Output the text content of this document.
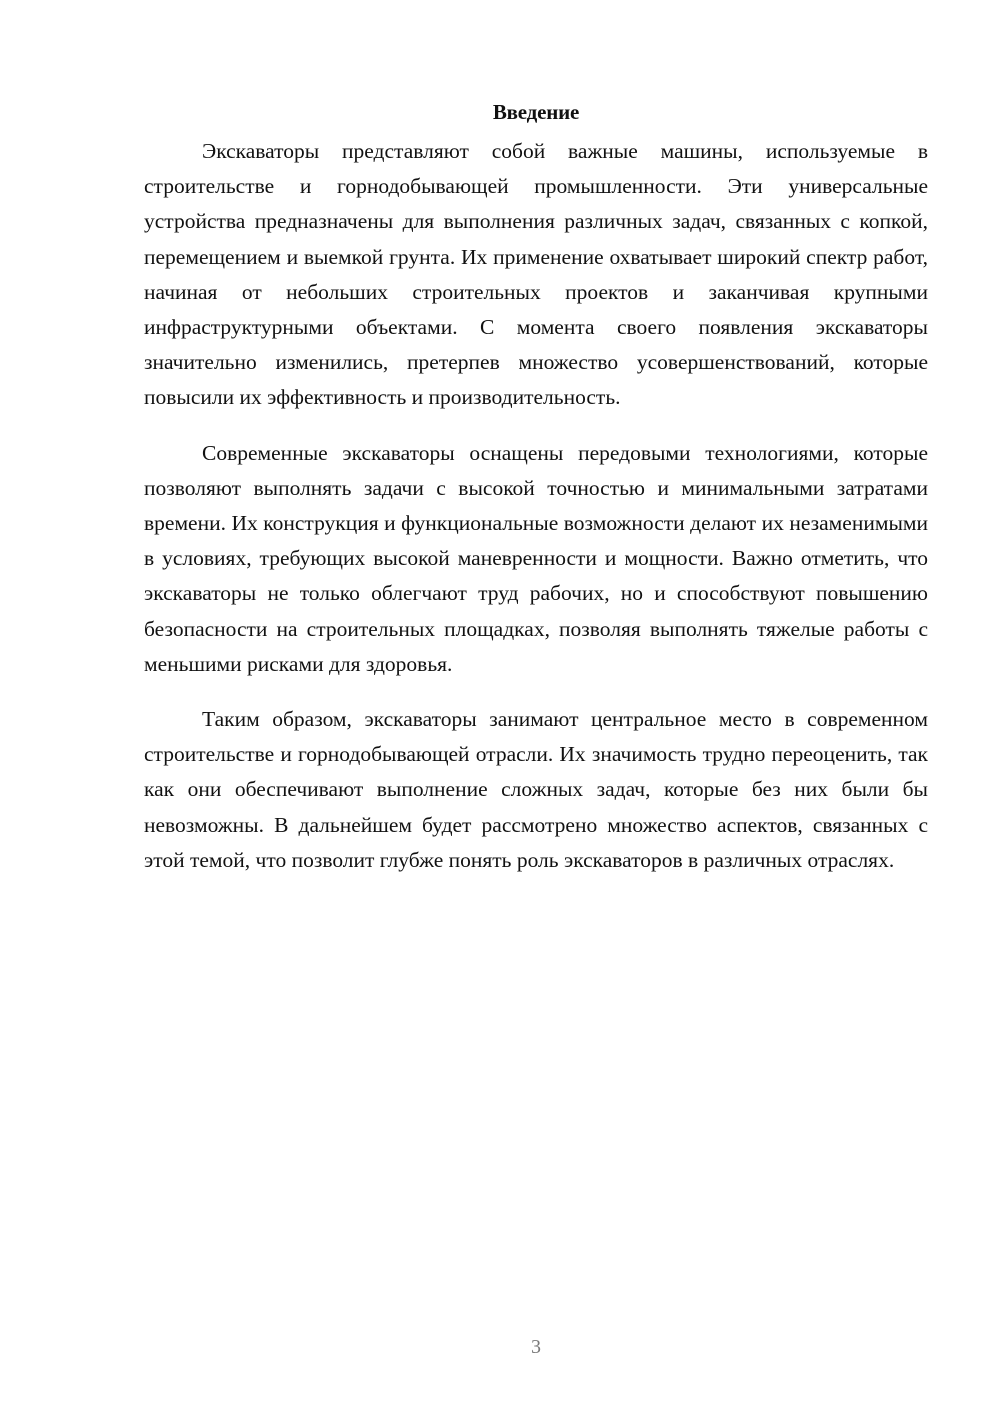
Введение

Экскаваторы представляют собой важные машины, используемые в строительстве и горнодобывающей промышленности. Эти универсальные устройства предназначены для выполнения различных задач, связанных с копкой, перемещением и выемкой грунта. Их применение охватывает широкий спектр работ, начиная от небольших строительных проектов и заканчивая крупными инфраструктурными объектами. С момента своего появления экскаваторы значительно изменились, претерпев множество усовершенствований, которые повысили их эффективность и производительность.

Современные экскаваторы оснащены передовыми технологиями, которые позволяют выполнять задачи с высокой точностью и минимальными затратами времени. Их конструкция и функциональные возможности делают их незаменимыми в условиях, требующих высокой маневренности и мощности. Важно отметить, что экскаваторы не только облегчают труд рабочих, но и способствуют повышению безопасности на строительных площадках, позволяя выполнять тяжелые работы с меньшими рисками для здоровья.

Таким образом, экскаваторы занимают центральное место в современном строительстве и горнодобывающей отрасли. Их значимость трудно переоценить, так как они обеспечивают выполнение сложных задач, которые без них были бы невозможны. В дальнейшем будет рассмотрено множество аспектов, связанных с этой темой, что позволит глубже понять роль экскаваторов в различных отраслях.

3
